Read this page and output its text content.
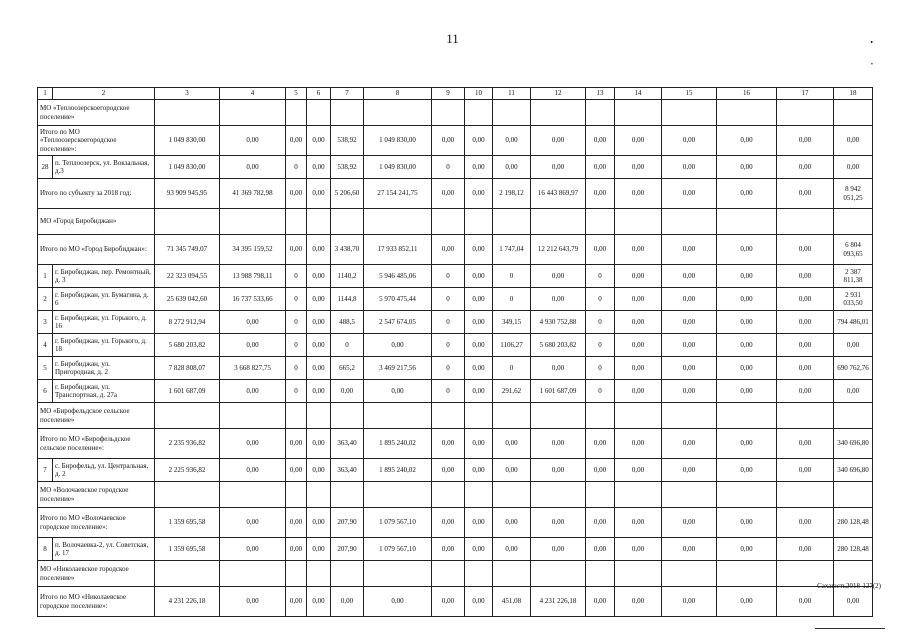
11	•
•
1	2	3	4	5	6	7	8	9	10	11	12	13	14	15	16	17	18
МО «Теплоозерскоегородское поселение»																	
Итого по МО «Теплоозерскоегородское поселение»:		1 049 830,00	0,00	0,00	0,00	538,92	1 049 830,00	0,00	0,00	0,00	0,00	0,00	0,00	0,00	0,00	0,00	0,00
28	п. Теплоозерск, ул. Вокзальная, д.3	1 049 830,00	0,00	0	0,00	538,92	1 049 830,00	0	0,00	0,00	0,00	0,00	0,00	0,00	0,00	0,00	0,00
Итого по субъекту за 2018 год:		93 909 945,95	41 369 782,98	0,00	0,00	5 206,60	27 154 241,75	0,00	0,00	2 198,12	16 443 869,97	0,00	0,00	0,00	0,00	0,00	8 942 051,25
МО «Город Биробиджан»																	
Итого по МО «Город Биробиджан»:		71 345 749,07	34 395 159,52	0,00	0,00	3 438,70	17 933 852,11	0,00	0,00	1 747,04	12 212 643,79	0,00	0,00	0,00	0,00	0,00	6 804 093,65
1	г. Биробиджан, пер. Ремонтный, д. 3	22 323 094,55	13 988 798,11	0	0,00	1140,2	5 946 485,06	0	0,00	0	0,00	0	0,00	0,00	0,00	0,00	2 387 811,38
2	г. Биробиджан, ул. Бумагина, д. 6	25 639 042,60	16 737 533,66	0	0,00	1144,8	5 970 475,44	0	0,00	0	0,00	0	0,00	0,00	0,00	0,00	2 931 033,50
3	г. Биробиджан, ул. Горького, д. 16	8 272 912,94	0,00	0	0,00	488,5	2 547 674,05	0	0,00	349,15	4 930 752,88	0	0,00	0,00	0,00	0,00	794 486,01
4	г. Биробиджан, ул. Горького, д. 18	5 680 203,82	0,00	0	0,00	0	0,00	0	0,00	1106,27	5 680 203,82	0	0,00	0,00	0,00	0,00	0,00
5	г. Биробиджан, ул. Пригородная, д. 2	7 828 808,07	3 668 827,75	0	0,00	665,2	3 469 217,56	0	0,00	0	0,00	0	0,00	0,00	0,00	0,00	690 762,76
6	г. Биробиджан, ул. Транспортная, д. 27а	1 601 687,09	0,00	0	0,00	0,00	0,00	0	0,00	291,62	1 601 687,09	0	0,00	0,00	0,00	0,00	0,00
МО «Бирофельдское сельское поселение»																	
Итого по МО «Бирофельдское сельское поселение»:		2 235 936,82	0,00	0,00	0,00	363,40	1 895 240,02	0,00	0,00	0,00	0,00	0,00	0,00	0,00	0,00	0,00	340 696,80
7	с. Бирофельд, ул. Центральная, д. 2	2 225 936,82	0,00	0,00	0,00	363,40	1 895 240,02	0,00	0,00	0,00	0,00	0,00	0,00	0,00	0,00	0,00	340 696,80
МО «Волочаевское городское поселение»																	
Итого по МО «Волочаевское городское поселение»:		1 359 695,58	0,00	0,00	0,00	207,90	1 079 567,10	0,00	0,00	0,00	0,00	0,00	0,00	0,00	0,00	0,00	280 128,48
8	п. Волочаевка-2, ул. Советская, д. 17	1 359 695,58	0,00	0,00	0,00	207,90	1 079 567,10	0,00	0,00	0,00	0,00	0,00	0,00	0,00	0,00	0,00	280 128,48
МО «Николаевское городское поселение»																	
Итого по МО «Николаевское городское поселение»:		4 231 226,18	0,00	0,00	0,00	0,00	0,00	0,00	0,00	451,08	4 231 226,18	0,00	0,00	0,00	0,00	0,00	0,00
Сахаюсть2018-127(2)
